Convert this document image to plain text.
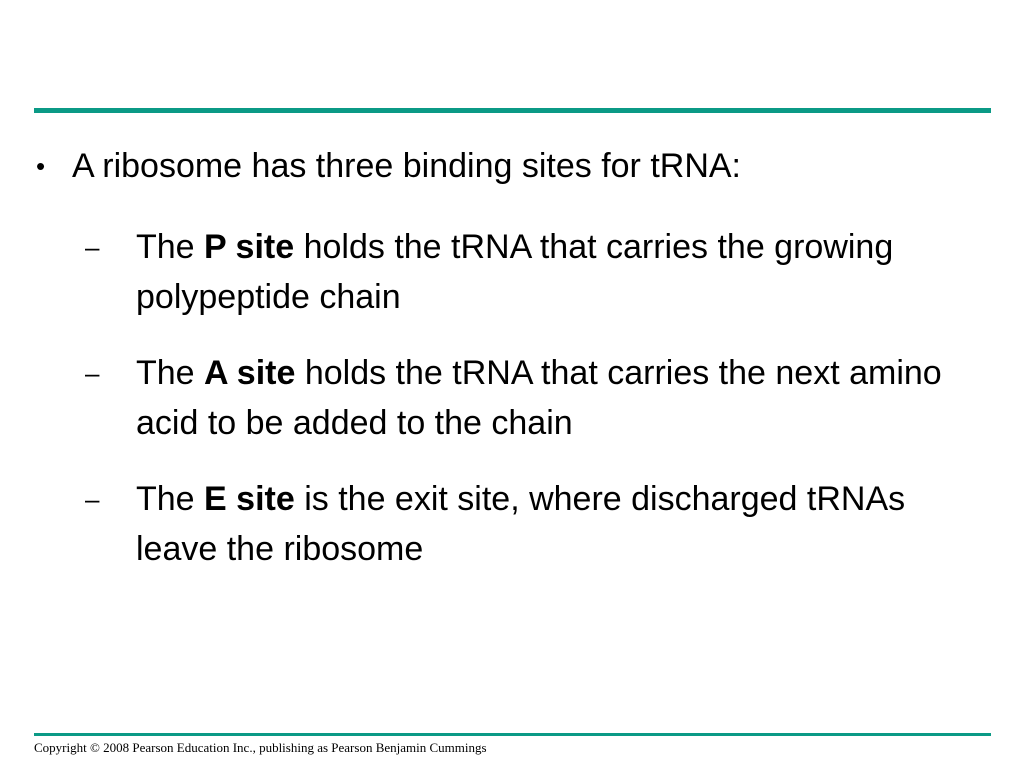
• A ribosome has three binding sites for tRNA:
– The P site holds the tRNA that carries the growing polypeptide chain
– The A site holds the tRNA that carries the next amino acid to be added to the chain
– The E site is the exit site, where discharged tRNAs leave the ribosome
Copyright © 2008 Pearson Education Inc., publishing as Pearson Benjamin Cummings
